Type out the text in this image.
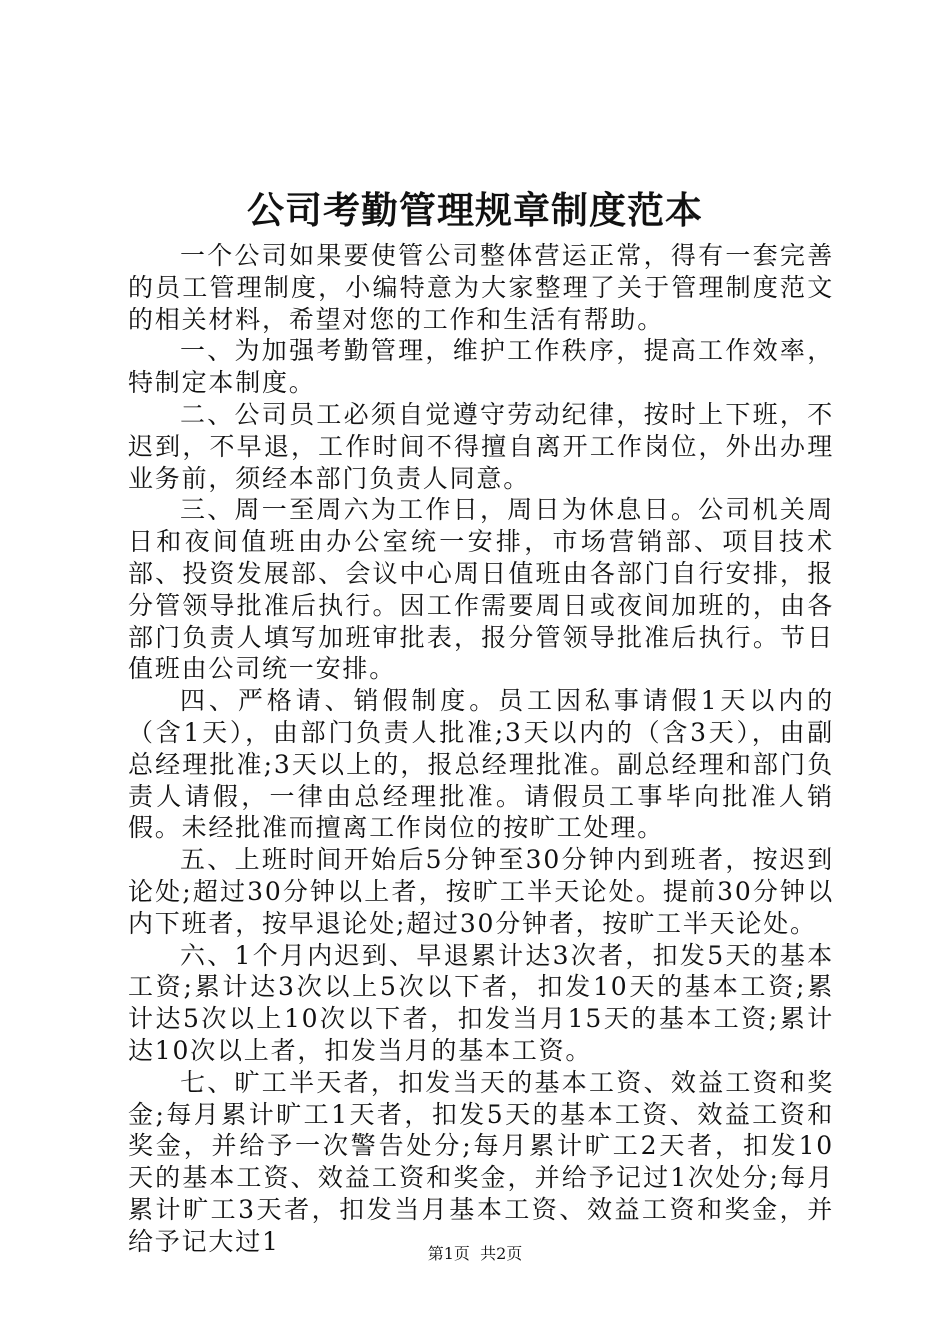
公司考勤管理规章制度范本

一个公司如果要使管公司整体营运正常，得有一套完善的员工管理制度，小编特意为大家整理了关于管理制度范文的相关材料，希望对您的工作和生活有帮助。

一、为加强考勤管理，维护工作秩序，提高工作效率，特制定本制度。

二、公司员工必须自觉遵守劳动纪律，按时上下班，不迟到，不早退，工作时间不得擅自离开工作岗位，外出办理业务前，须经本部门负责人同意。

三、周一至周六为工作日，周日为休息日。公司机关周日和夜间值班由办公室统一安排，市场营销部、项目技术部、投资发展部、会议中心周日值班由各部门自行安排，报分管领导批准后执行。因工作需要周日或夜间加班的，由各部门负责人填写加班审批表，报分管领导批准后执行。节日值班由公司统一安排。

四、严格请、销假制度。员工因私事请假1天以内的（含1天），由部门负责人批准;3天以内的（含3天），由副总经理批准;3天以上的，报总经理批准。副总经理和部门负责人请假，一律由总经理批准。请假员工事毕向批准人销假。未经批准而擅离工作岗位的按旷工处理。

五、上班时间开始后5分钟至30分钟内到班者，按迟到论处;超过30分钟以上者，按旷工半天论处。提前30分钟以内下班者，按早退论处;超过30分钟者，按旷工半天论处。

六、1个月内迟到、早退累计达3次者，扣发5天的基本工资;累计达3次以上5次以下者，扣发10天的基本工资;累计达5次以上10次以下者，扣发当月15天的基本工资;累计达10次以上者，扣发当月的基本工资。

七、旷工半天者，扣发当天的基本工资、效益工资和奖金;每月累计旷工1天者，扣发5天的基本工资、效益工资和奖金，并给予一次警告处分;每月累计旷工2天者，扣发10天的基本工资、效益工资和奖金，并给予记过1次处分;每月累计旷工3天者，扣发当月基本工资、效益工资和奖金，并给予记大过1	第1页 共2页
